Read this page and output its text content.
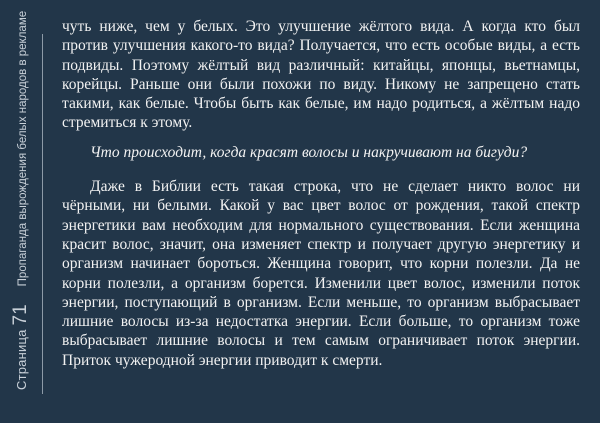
Страница
71
Пропаганда вырождения белых народов в рекламе чуть ниже, чем у белых. Это улучшение жёлтого вида. А когда кто был против улучшения какого-то вида? Получается, что есть особые виды, а есть подвиды. Поэтому жёлтый вид различный: китайцы, японцы, вьетнамцы, корейцы. Раньше они были похожи по виду. Никому не запрещено стать такими, как белые. Чтобы быть как белые, им надо родиться, а жёлтым надо стремиться к этому.

Что происходит, когда красят волосы и накручивают на бигуди?

Даже в Библии есть такая строка, что не сделает никто волос ни чёрными, ни белыми. Какой у вас цвет волос от рождения, такой спектр энергетики вам необходим для нормального существования. Если женщина красит волос, значит, она изменяет спектр и получает другую энергетику и организм начинает бороться. Женщина говорит, что корни полезли. Да не корни полезли, а организм борется. Изменили цвет волос, изменили поток энергии, поступающий в организм. Если меньше, то организм выбрасывает лишние волосы из-за недостатка энергии. Если больше, то организм тоже выбрасывает лишние волосы и тем самым ограничивает поток энергии. Приток чужеродной энергии приводит к смерти.
